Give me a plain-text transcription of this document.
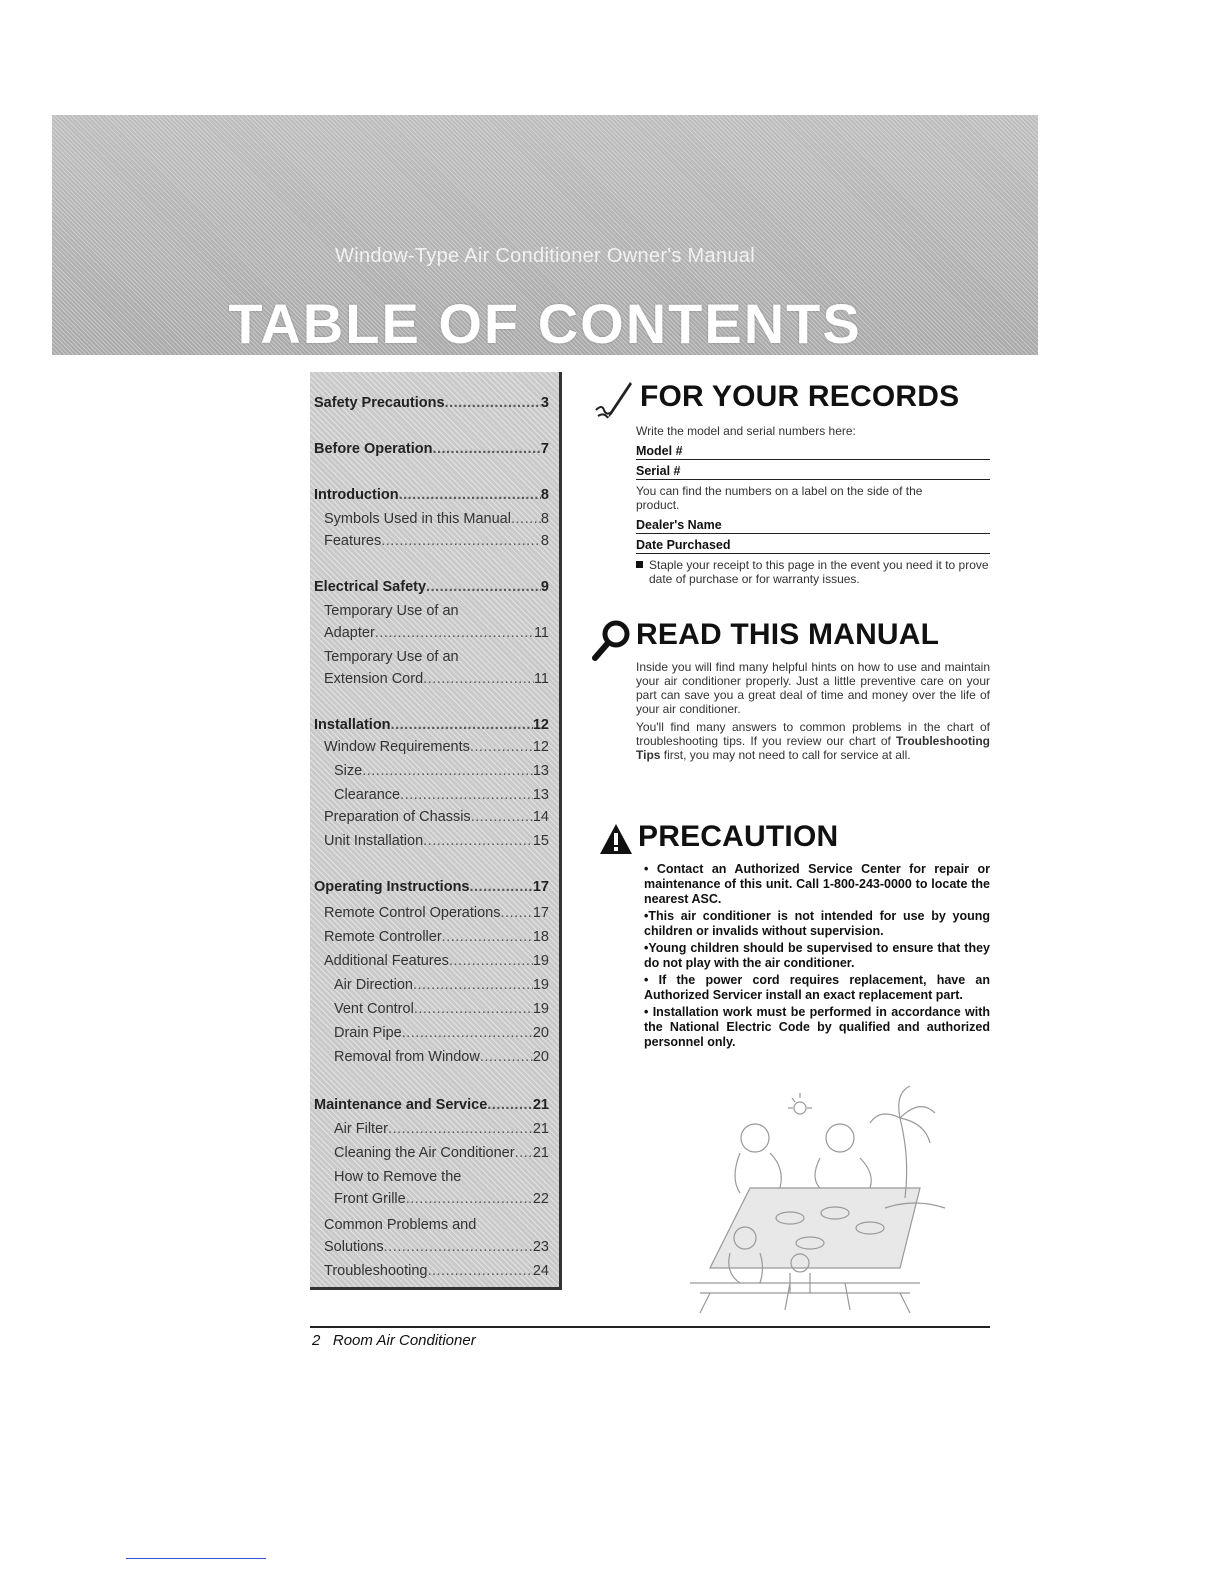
Window-Type Air Conditioner Owner's Manual
TABLE OF CONTENTS
Safety Precautions .....	3
Before Operation .....	7
Introduction .....	8
Symbols Used in this Manual ..... 8
Features .....	8
Electrical Safety .....	9
Temporary Use of an
Adapter .....	11
Temporary Use of an
Extension Cord .....	11
Installation .....	12
Window Requirements .....	12
Size .....	13
Clearance .....	13
Preparation of Chassis .....	14
Unit Installation .....	15
Operating Instructions .....	17
Remote Control Operations ..... 17
Remote Controller .....	18
Additional Features .....	19
Air Direction .....	19
Vent Control .....	19
Drain Pipe .....	20
Removal from Window .....	20
Maintenance and Service .....	21
Air Filter .....	21
Cleaning the Air Conditioner ..... 21
How to Remove the
Front Grille .....	22
Common Problems and
Solutions .....	23
Troubleshooting .....	24
FOR YOUR RECORDS
Write the model and serial numbers here:
Model #
Serial #
You can find the numbers on a label on the side of the product.
Dealer's Name
Date Purchased
Staple your receipt to this page in the event you need it to prove date of purchase or for warranty issues.
READ THIS MANUAL
Inside you will find many helpful hints on how to use and maintain your air conditioner properly. Just a little preventive care on your part can save you a great deal of time and money over the life of your air conditioner.
You'll find many answers to common problems in the chart of troubleshooting tips. If you review our chart of Troubleshooting Tips first, you may not need to call for service at all.
PRECAUTION
• Contact an Authorized Service Center for repair or maintenance of this unit. Call 1-800-243-0000 to locate the nearest ASC.
•This air conditioner is not intended for use by young children or invalids without supervision.
•Young children should be supervised to ensure that they do not play with the air conditioner.
• If the power cord requires replacement, have an Authorized Servicer install an exact replacement part.
• Installation work must be performed in accordance with the National Electric Code by qualified and authorized personnel only.
2 Room Air Conditioner
